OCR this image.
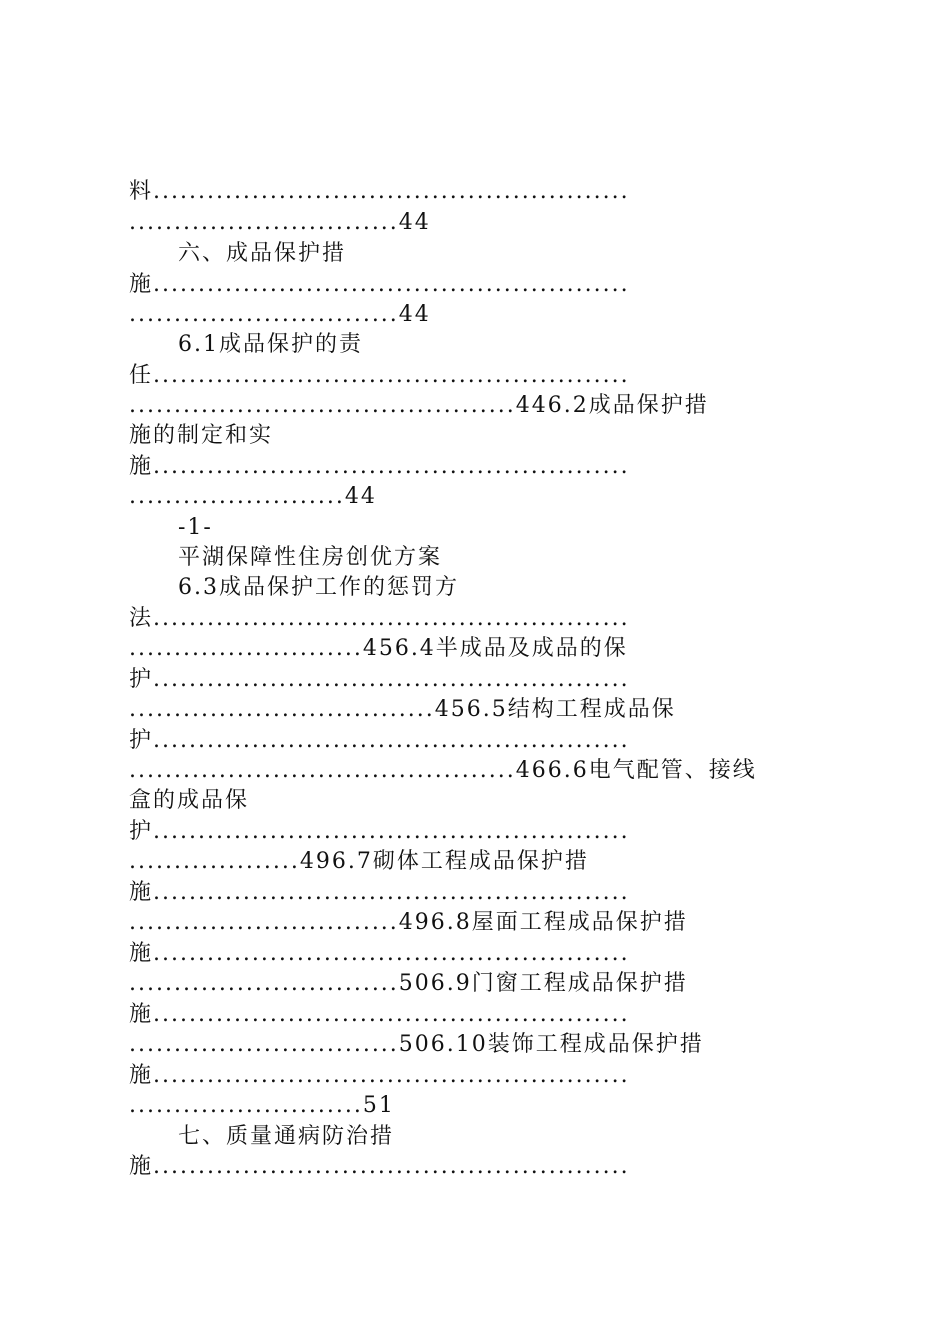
料.....................................................
..............................44
六、成品保护措
施.....................................................
..............................44
6.1成品保护的责
任.....................................................
...........................................446.2成品保护措
施的制定和实
施.....................................................
........................44
-1-
平湖保障性住房创优方案
6.3成品保护工作的惩罚方
法.....................................................
..........................456.4半成品及成品的保
护.....................................................
..................................456.5结构工程成品保
护.....................................................
...........................................466.6电气配管、接线
盒的成品保
护.....................................................
...................496.7砌体工程成品保护措
施.....................................................
..............................496.8屋面工程成品保护措
施.....................................................
..............................506.9门窗工程成品保护措
施.....................................................
..............................506.10装饰工程成品保护措
施.....................................................
..........................51
七、质量通病防治措
施.....................................................
